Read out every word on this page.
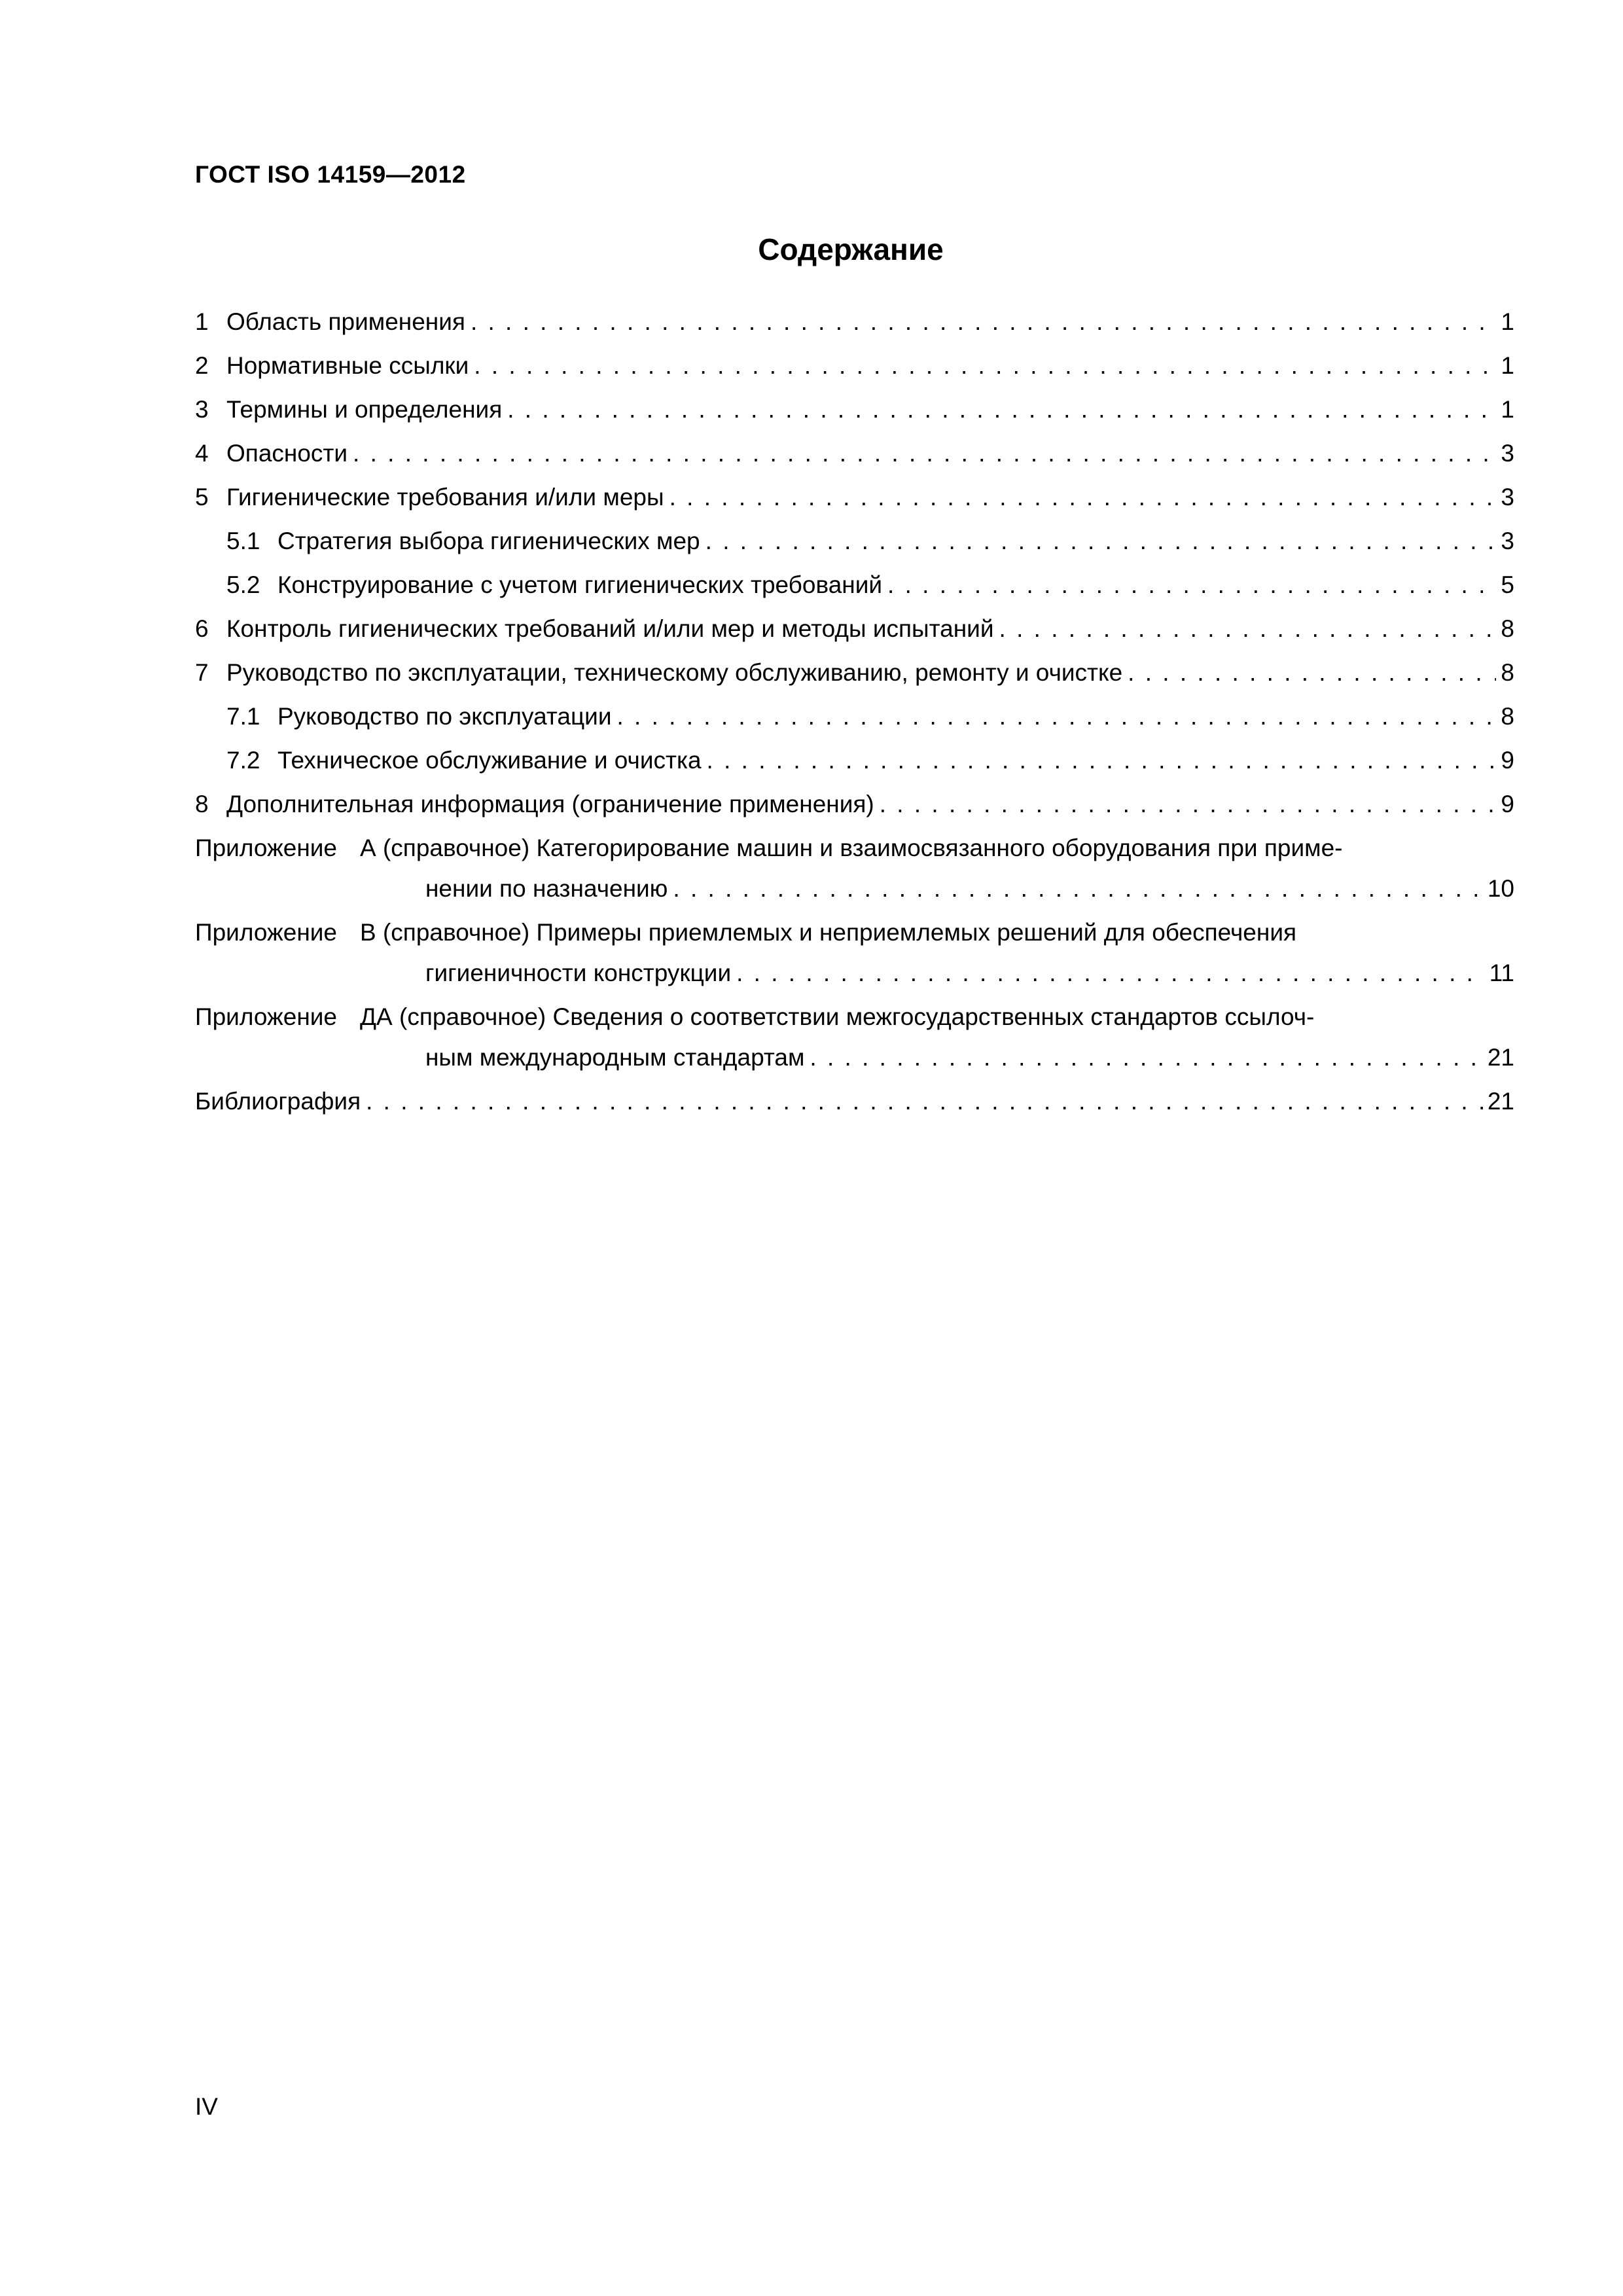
ГОСТ ISO 14159—2012
Содержание
1 Область применения . . .	1
2 Нормативные ссылки . . .	1
3 Термины и определения . . .	1
4 Опасности . . .	3
5 Гигиенические требования и/или меры . . .	3
5.1 Стратегия выбора гигиенических мер . . .	3
5.2 Конструирование с учетом гигиенических требований . . .	5
6 Контроль гигиенических требований и/или мер и методы испытаний . . .	8
7 Руководство по эксплуатации, техническому обслуживанию, ремонту и очистке . . .	8
7.1 Руководство по эксплуатации . . .	8
7.2 Техническое обслуживание и очистка . . .	9
8 Дополнительная информация (ограничение применения) . . .	9
Приложение А (справочное) Категорирование машин и взаимосвязанного оборудования при приме-
нении по назначению . . .	10
Приложение В (справочное) Примеры приемлемых и неприемлемых решений для обеспечения
гигиеничности конструкции . . .	11
Приложение ДА (справочное) Сведения о соответствии межгосударственных стандартов ссылоч-
ным международным стандартам . . .	21
Библиография . . .	21
IV
